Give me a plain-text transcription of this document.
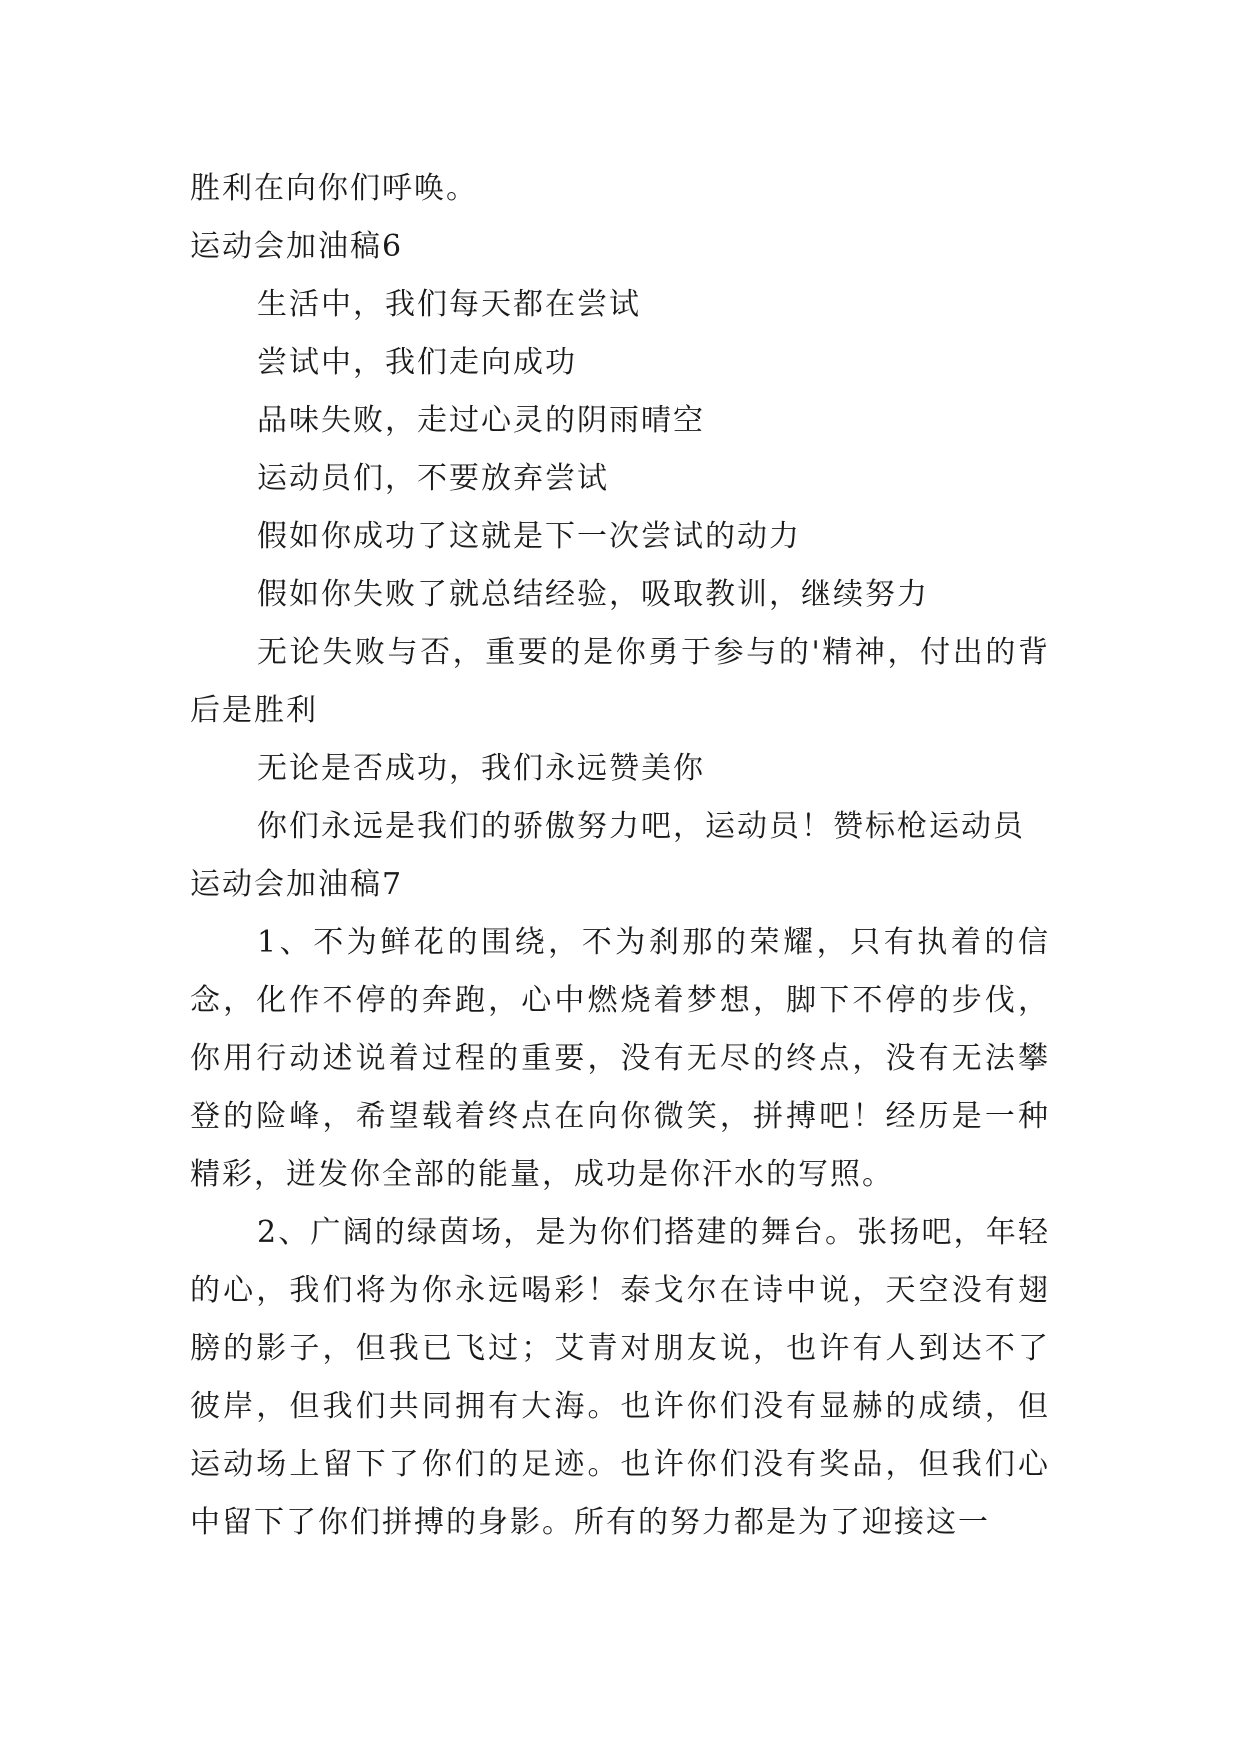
胜利在向你们呼唤。
运动会加油稿6
生活中，我们每天都在尝试
尝试中，我们走向成功
品味失败，走过心灵的阴雨晴空
运动员们，不要放弃尝试
假如你成功了这就是下一次尝试的动力
假如你失败了就总结经验，吸取教训，继续努力

无论失败与否，重要的是你勇于参与的'精神，付出的背后是胜利

无论是否成功，我们永远赞美你
你们永远是我们的骄傲努力吧，运动员！赞标枪运动员
运动会加油稿7

1、不为鲜花的围绕，不为刹那的荣耀，只有执着的信念，化作不停的奔跑，心中燃烧着梦想，脚下不停的步伐，你用行动述说着过程的重要，没有无尽的终点，没有无法攀登的险峰，希望载着终点在向你微笑，拼搏吧！经历是一种精彩，迸发你全部的能量，成功是你汗水的写照。

2、广阔的绿茵场，是为你们搭建的舞台。张扬吧，年轻的心，我们将为你永远喝彩！泰戈尔在诗中说，天空没有翅膀的影子，但我已飞过；艾青对朋友说，也许有人到达不了彼岸，但我们共同拥有大海。也许你们没有显赫的成绩，但运动场上留下了你们的足迹。也许你们没有奖品，但我们心中留下了你们拼搏的身影。所有的努力都是为了迎接这一
